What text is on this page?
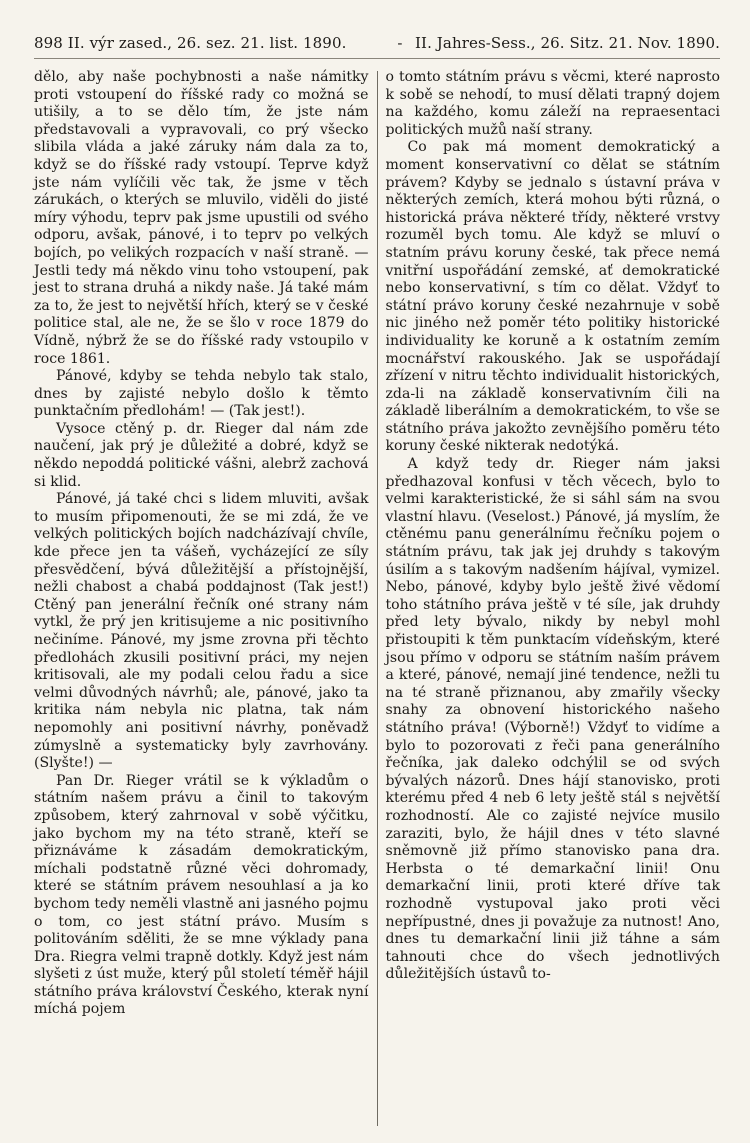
898 II. výr zased., 26. sez. 21. list. 1890.	- II. Jahres-Sess., 26. Sitz. 21. Nov. 1890.

dělo, aby naše pochybnosti a naše námitky proti vstoupení do říšské rady co možná se utišily, a to se dělo tím, že jste nám představovali a vypravovali, co prý všecko slibila vláda a jaké záruky nám dala za to, když se do říšské rady vstoupí. Teprve když jste nám vylíčili věc tak, že jsme v těch zárukách, o kterých se mluvilo, viděli do jisté míry výhodu, teprv pak jsme upustili od svého odporu, avšak, pánové, i to teprv po velkých bojích, po velikých rozpacích v naší straně. — Jestli tedy má někdo vinu toho vstoupení, pak jest to strana druhá a nikdy naše. Já také mám za to, že jest to největší hřích, který se v české politice stal, ale ne, že se šlo v roce 1879 do Vídně, nýbrž že se do říšské rady vstoupilo v roce 1861.

Pánové, kdyby se tehda nebylo tak stalo, dnes by zajisté nebylo došlo k těmto punktačním předlohám! — (Tak jest!).

Vysoce ctěný p. dr. Rieger dal nám zde naučení, jak prý je důležité a dobré, když se někdo nepoddá politické vášni, alebrž zachová si klid.

Pánové, já také chci s lidem mluviti, avšak to musím připomenouti, že se mi zdá, že ve velkých politických bojích nadcházívají chvíle, kde přece jen ta vášeň, vycházející ze síly přesvědčení, bývá důležitější a přístojnější, nežli chabost a chabá poddajnost (Tak jest!) Ctěný pan jenerální řečník oné strany nám vytkl, že prý jen kritisujeme a nic positivního nečiníme. Pánové, my jsme zrovna při těchto předlohách zkusili positivní práci, my nejen kritisovali, ale my podali celou řadu a sice velmi důvodných návrhů; ale, pánové, jako ta kritika nám nebyla nic platna, tak nám nepomohly ani positivní návrhy, poněvadž zúmyslně a systematicky byly zavrhovány. (Slyšte!) —

Pan Dr. Rieger vrátil se k výkladům o státním našem právu a činil to takovým způsobem, který zahrnoval v sobě výčitku, jako bychom my na této straně, kteří se přiznáváme k zásadám demokratickým, míchali podstatně různé věci dohromady, které se státním právem nesouhlasí a ja ko bychom tedy neměli vlastně ani jasného pojmu o tom, co jest státní právo. Musím s politováním sděliti, že se mne výklady pana Dra. Riegra velmi trapně dotkly. Když jest nám slyšeti z úst muže, který půl století téměř hájil státního práva království Českého, kterak nyní míchá pojem

o tomto státním právu s věcmi, které naprosto k sobě se nehodí, to musí dělati trapný dojem na každého, komu záleží na repraesentaci politických mužů naší strany.

Co pak má moment demokratický a moment konservativní co dělat se státním právem? Kdyby se jednalo s ústavní práva v některých zemích, která mohou býti různá, o historická práva některé třídy, některé vrstvy rozuměl bych tomu. Ale když se mluví o statním právu koruny české, tak přece nemá vnitřní uspořádání zemské, ať demokratické nebo konservativní, s tím co dělat. Vždyť to státní právo koruny české nezahrnuje v sobě nic jiného než poměr této politiky historické individuality ke koruně a k ostatním zemím mocnářství rakouského. Jak se uspořádají zřízení v nitru těchto individualit historických, zda-li na základě konservativním čili na základě liberálním a demokratickém, to vše se státního práva jakožto zevnějšího poměru této koruny české nikterak nedotýká.

A když tedy dr. Rieger nám jaksi předhazoval konfusi v těch věcech, bylo to velmi karakteristické, že si sáhl sám na svou vlastní hlavu. (Veselost.) Pánové, já myslím, že ctěnému panu generálnímu řečníku pojem o státním právu, tak jak jej druhdy s takovým úsilím a s takovým nadšením hájíval, vymizel. Nebo, pánové, kdyby bylo ještě živé vědomí toho státního práva ještě v té síle, jak druhdy před lety bývalo, nikdy by nebyl mohl přistoupiti k těm punktacím vídeňským, které jsou přímo v odporu se státním naším právem a které, pánové, nemají jiné tendence, nežli tu na té straně přiznanou, aby zmařily všecky snahy za obnovení historického našeho státního práva! (Výborně!) Vždyť to vidíme a bylo to pozorovati z řeči pana generálního řečníka, jak daleko odchýlil se od svých bývalých názorů. Dnes hájí stanovisko, proti kterému před 4 neb 6 lety ještě stál s největší rozhodností. Ale co zajisté nejvíce musilo zaraziti, bylo, že hájil dnes v této slavné sněmovně již přímo stanovisko pana dra. Herbsta o té demarkační linii! Onu demarkační linii, proti které dříve tak rozhodně vystupoval jako proti věci nepřípustné, dnes ji považuje za nutnost! Ano, dnes tu demarkační linii již táhne a sám tahnouti chce do všech jednotlivých důležitějších ústavů to-
